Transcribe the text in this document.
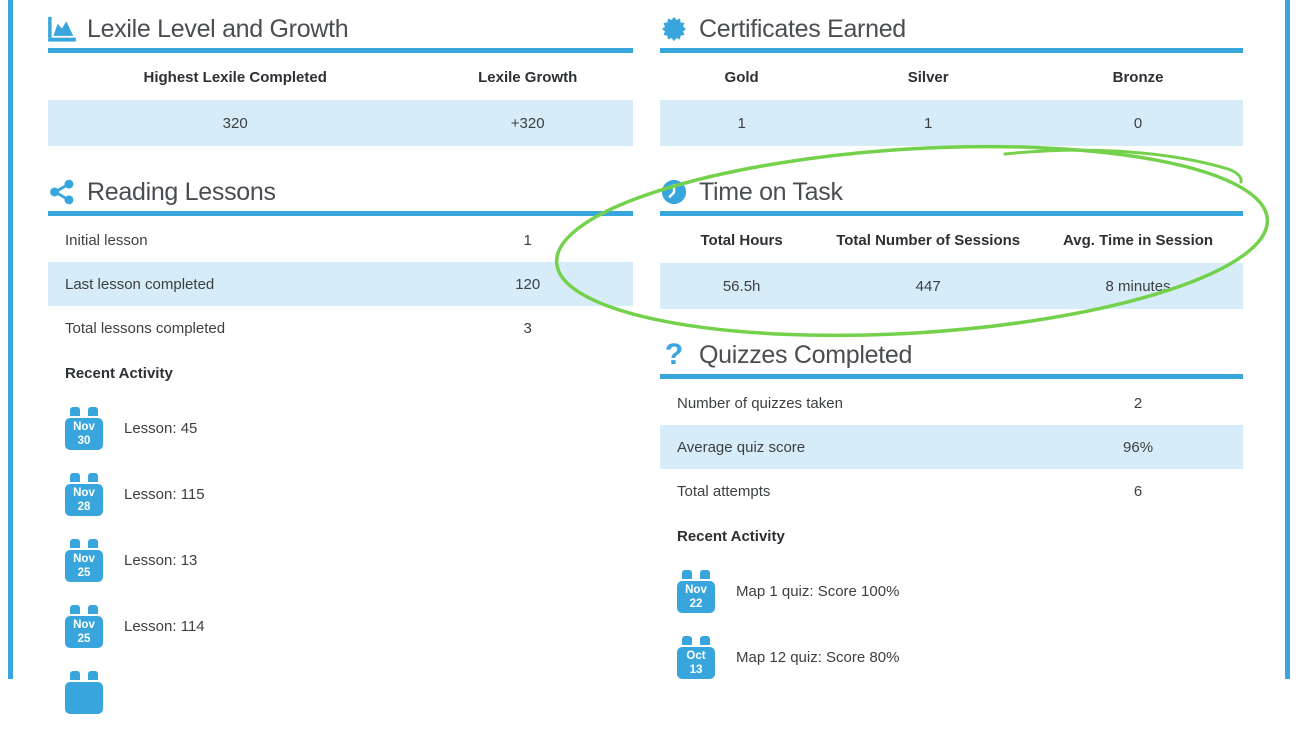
Lexile Level and Growth
Highest Lexile Completed	Lexile Growth
320	+320
Reading Lessons
Initial lesson	1
Last lesson completed	120
Total lessons completed	3
Recent Activity
Nov
30
Lesson: 45
Nov
28
Lesson: 115
Nov
25
Lesson: 13
Nov
25
Lesson: 114
Certificates Earned
Gold	Silver	Bronze
1	1	0
Time on Task
Total Hours	Total Number of Sessions	Avg. Time in Session
56.5h	447	8 minutes
? Quizzes Completed
Number of quizzes taken	2
Average quiz score	96%
Total attempts	6
Recent Activity
Nov
22
Map 1 quiz: Score 100%
Oct
13
Map 12 quiz: Score 80%
